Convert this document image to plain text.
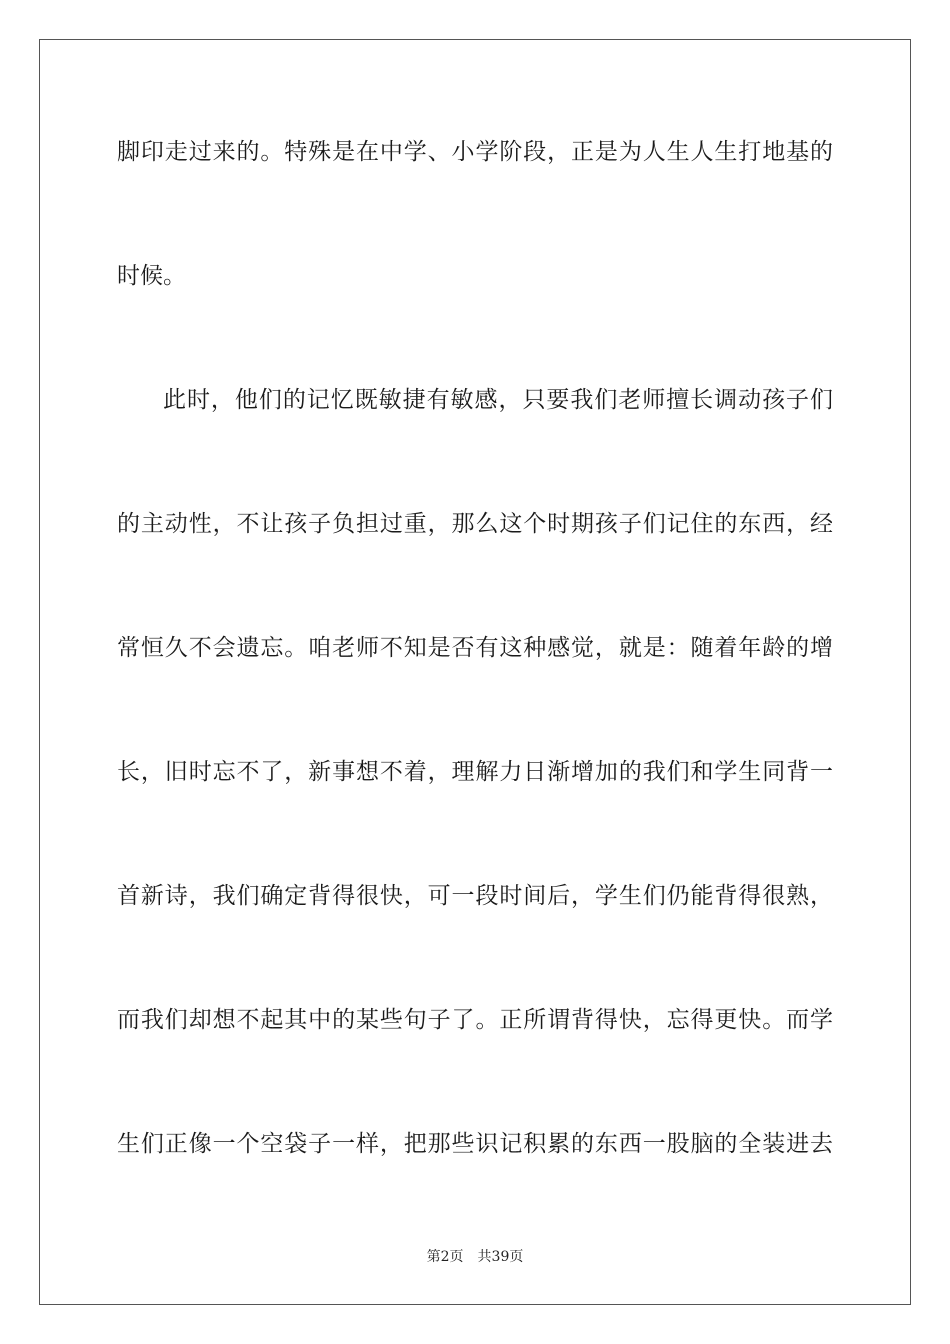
脚印走过来的。特殊是在中学、小学阶段，正是为人生人生打地基的
时候。
此时，他们的记忆既敏捷有敏感，只要我们老师擅长调动孩子们
的主动性，不让孩子负担过重，那么这个时期孩子们记住的东西，经
常恒久不会遗忘。咱老师不知是否有这种感觉，就是：随着年龄的增
长，旧时忘不了，新事想不着，理解力日渐增加的我们和学生同背一
首新诗，我们确定背得很快，可一段时间后，学生们仍能背得很熟，
而我们却想不起其中的某些句子了。正所谓背得快，忘得更快。而学
生们正像一个空袋子一样，把那些识记积累的东西一股脑的全装进去
第2页 共39页
